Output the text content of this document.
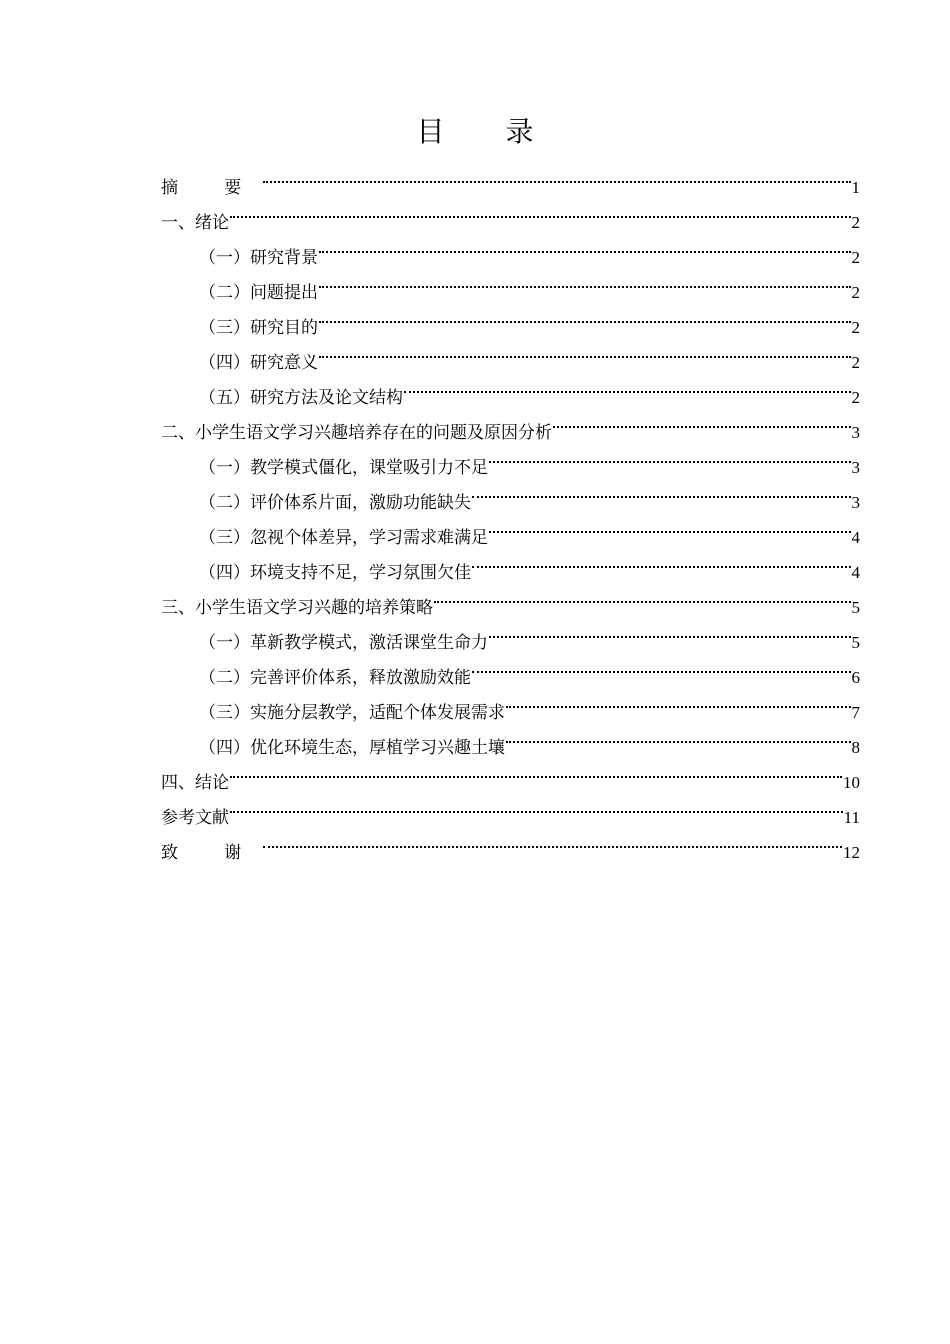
目 录
摘 要	1
一、绪论	2
（一）研究背景	2
（二）问题提出	2
（三）研究目的	2
（四）研究意义	2
（五）研究方法及论文结构	2
二、小学生语文学习兴趣培养存在的问题及原因分析	3
（一）教学模式僵化，课堂吸引力不足	3
（二）评价体系片面，激励功能缺失	3
（三）忽视个体差异，学习需求难满足	4
（四）环境支持不足，学习氛围欠佳	4
三、小学生语文学习兴趣的培养策略	5
（一）革新教学模式，激活课堂生命力	5
（二）完善评价体系，释放激励效能	6
（三）实施分层教学，适配个体发展需求	7
（四）优化环境生态，厚植学习兴趣土壤	8
四、结论	10
参考文献	11
致 谢	12
